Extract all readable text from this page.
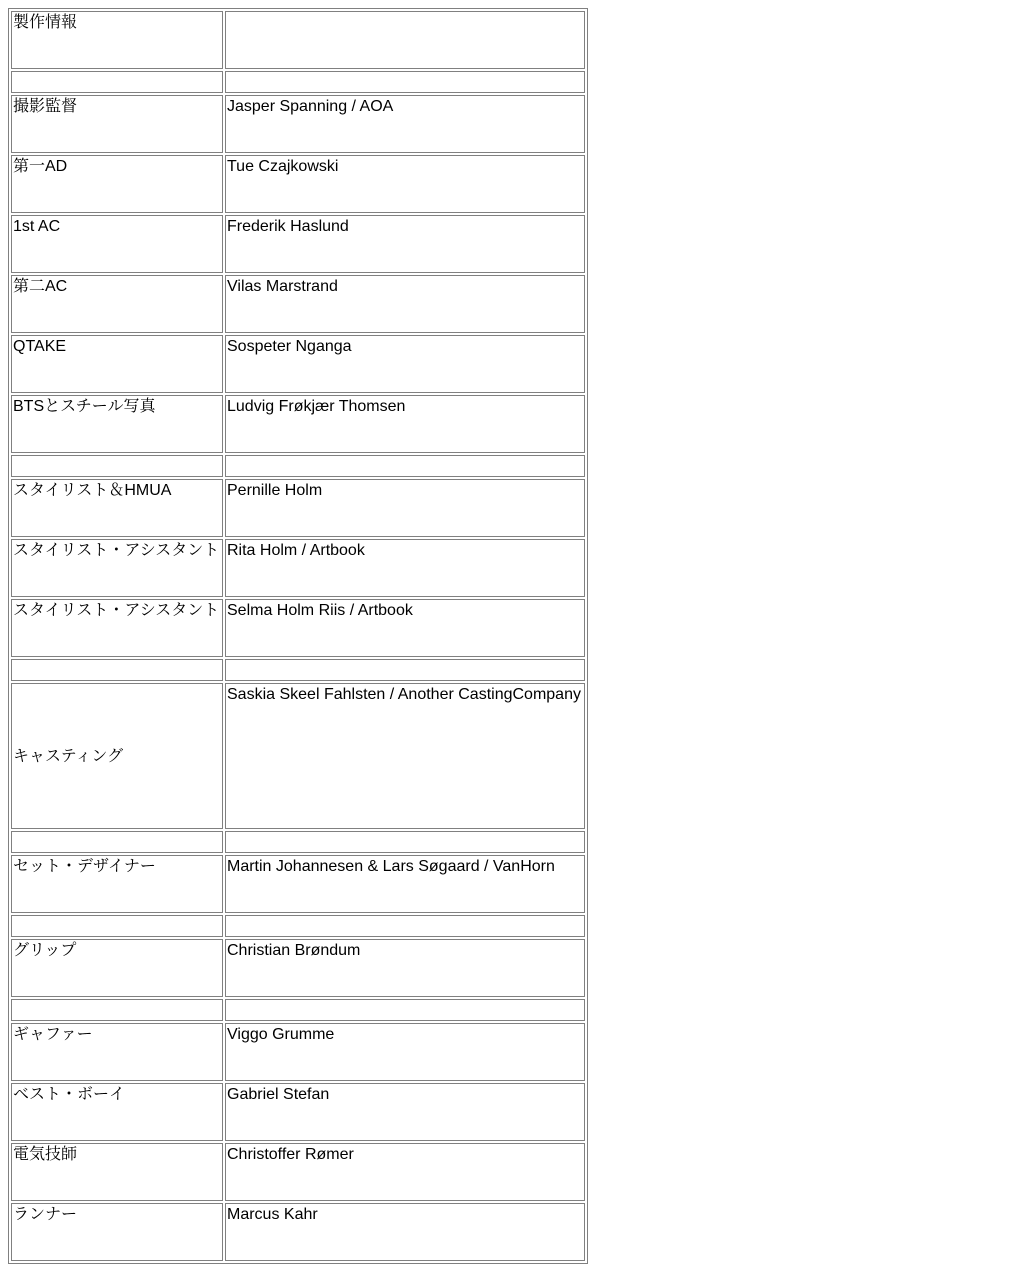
製作情報	

撮影監督	Jasper Spanning / AOA
第一AD	Tue Czajkowski
1st AC	Frederik Haslund
第二AC	Vilas Marstrand
QTAKE	Sospeter Nganga
BTSとスチール写真	Ludvig Frøkjær Thomsen

スタイリスト＆HMUA	Pernille Holm
スタイリスト・アシスタント	Rita Holm / Artbook
スタイリスト・アシスタント	Selma Holm Riis / Artbook

キャスティング	Saskia Skeel Fahlsten / Another CastingCompany

セット・デザイナー	Martin Johannesen & Lars Søgaard / VanHorn

グリップ	Christian Brøndum

ギャファー	Viggo Grumme
ベスト・ボーイ	Gabriel Stefan
電気技師	Christoffer Rømer
ランナー	Marcus Kahr
